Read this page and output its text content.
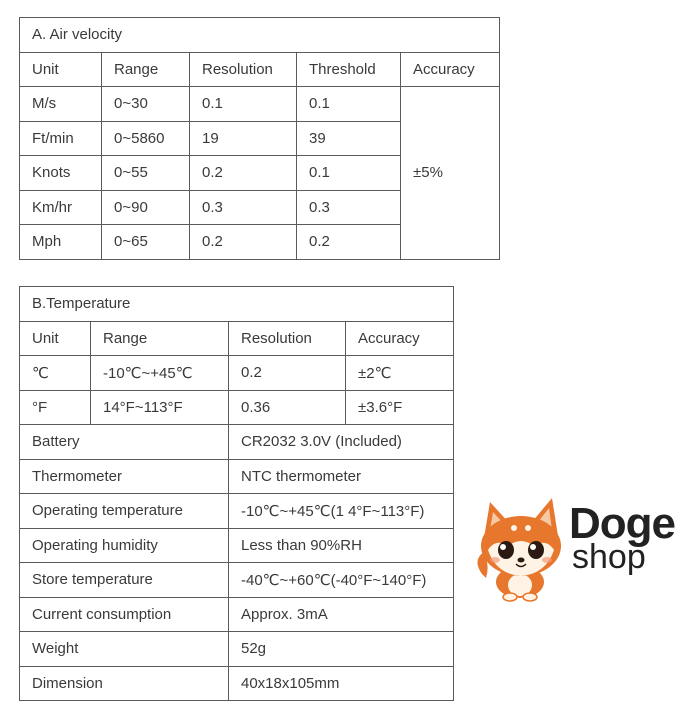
A. Air velocity				
Unit	Range	Resolution	Threshold	Accuracy
M/s	0~30	0.1	0.1	±5%
Ft/min	0~5860	19	39	
Knots	0~55	0.2	0.1	
Km/hr	0~90	0.3	0.3	
Mph	0~65	0.2	0.2	
B.Temperature			
Unit	Range	Resolution	Accuracy
℃	-10℃~+45℃	0.2	±2℃
°F	14°F~113°F	0.36	±3.6°F
Battery		CR2032 3.0V (Included)	
Thermometer		NTC thermometer	
Operating temperature		-10℃~+45℃(1 4°F~113°F)	
Operating humidity		Less than 90%RH	
Store temperature		-40℃~+60℃(-40°F~140°F)	
Current consumption		Approx. 3mA	
Weight		52g	
Dimension		40x18x105mm	
Doge
shop
